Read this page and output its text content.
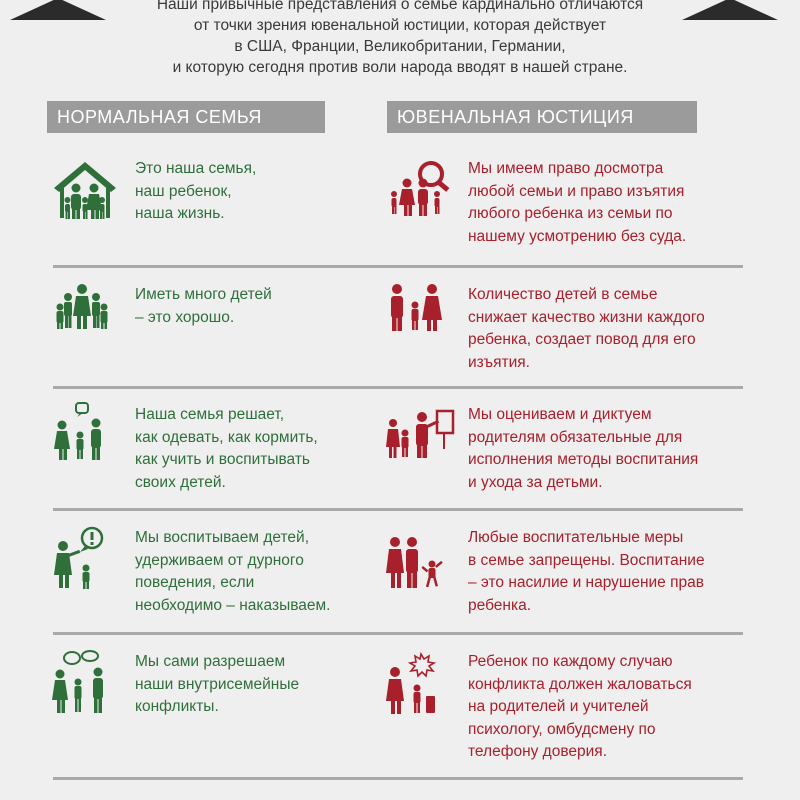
Наши привычные представления о семье кардинально отличаются
от точки зрения ювенальной юстиции, которая действует
в США, Франции, Великобритании, Германии,
и которую сегодня против воли народа вводят в нашей стране.
НОРМАЛЬНАЯ СЕМЬЯ	ЮВЕНАЛЬНАЯ ЮСТИЦИЯ
Это наша семья,
наш ребенок,
наша жизнь.
Мы имеем право досмотра
любой семьи и право изъятия
любого ребенка из семьи по
нашему усмотрению без суда.
Иметь много детей
– это хорошо.
Количество детей в семье
снижает качество жизни каждого
ребенка, создает повод для его
изъятия.
Наша семья решает,
как одевать, как кормить,
как учить и воспитывать
своих детей.
Мы оцениваем и диктуем
родителям обязательные для
исполнения методы воспитания
и ухода за детьми.
Мы воспитываем детей,
удерживаем от дурного
поведения, если
необходимо – наказываем.
Любые воспитательные меры
в семье запрещены. Воспитание
– это насилие и нарушение прав
ребенка.
Мы сами разрешаем
наши внутрисемейные
конфликты.
Ребенок по каждому случаю
конфликта должен жаловаться
на родителей и учителей
психологу, омбудсмену по
телефону доверия.
